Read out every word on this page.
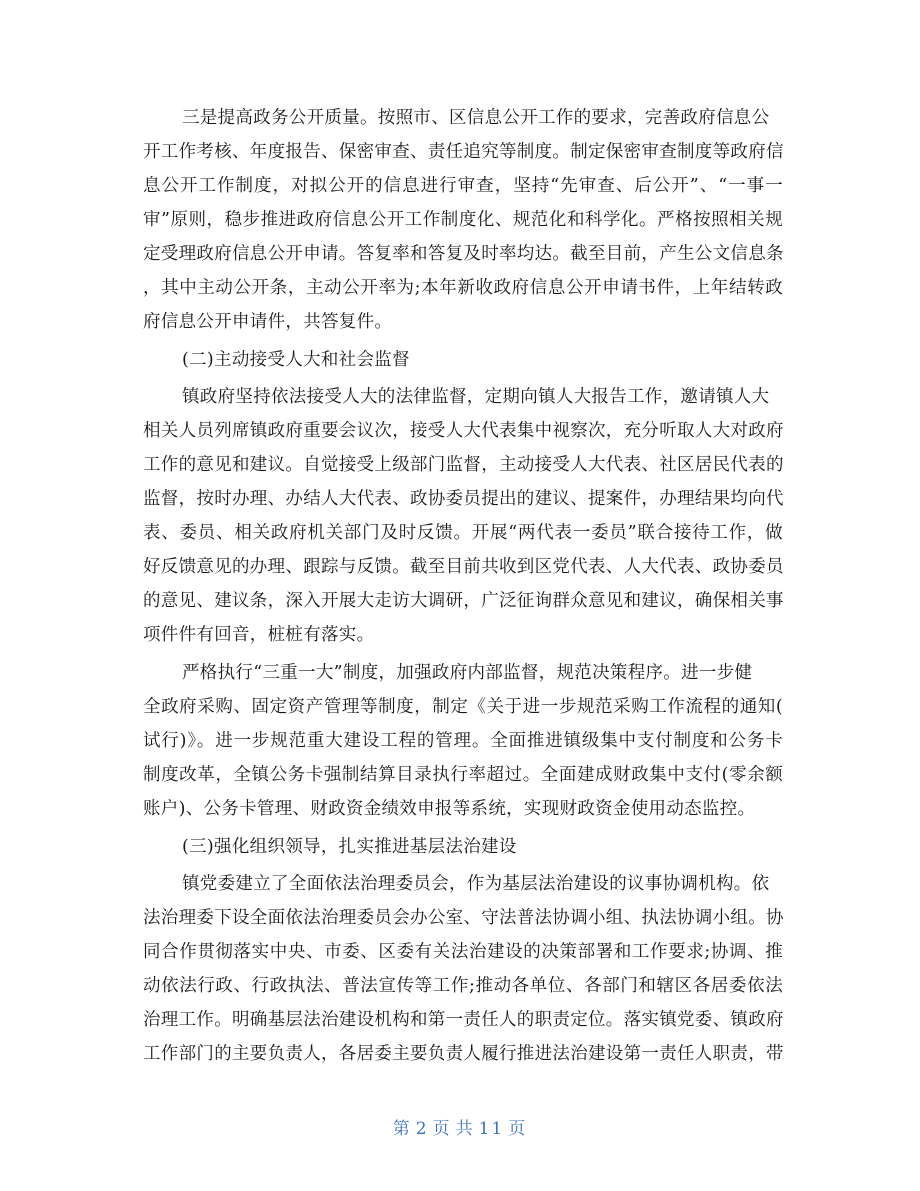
三是提高政务公开质量。按照市、区信息公开工作的要求，完善政府信息公
开工作考核、年度报告、保密审查、责任追究等制度。制定保密审查制度等政府信
息公开工作制度，对拟公开的信息进行审查，坚持“先审查、后公开”、“一事一
审”原则，稳步推进政府信息公开工作制度化、规范化和科学化。严格按照相关规
定受理政府信息公开申请。答复率和答复及时率均达。截至目前，产生公文信息条
，其中主动公开条，主动公开率为;本年新收政府信息公开申请书件，上年结转政
府信息公开申请件，共答复件。
(二)主动接受人大和社会监督
镇政府坚持依法接受人大的法律监督，定期向镇人大报告工作，邀请镇人大
相关人员列席镇政府重要会议次，接受人大代表集中视察次，充分听取人大对政府
工作的意见和建议。自觉接受上级部门监督，主动接受人大代表、社区居民代表的
监督，按时办理、办结人大代表、政协委员提出的建议、提案件，办理结果均向代
表、委员、相关政府机关部门及时反馈。开展“两代表一委员”联合接待工作，做
好反馈意见的办理、跟踪与反馈。截至目前共收到区党代表、人大代表、政协委员
的意见、建议条，深入开展大走访大调研，广泛征询群众意见和建议，确保相关事
项件件有回音，桩桩有落实。
严格执行“三重一大”制度，加强政府内部监督，规范决策程序。进一步健
全政府采购、固定资产管理等制度，制定《关于进一步规范采购工作流程的通知(
试行)》。进一步规范重大建设工程的管理。全面推进镇级集中支付制度和公务卡
制度改革，全镇公务卡强制结算目录执行率超过。全面建成财政集中支付(零余额
账户)、公务卡管理、财政资金绩效申报等系统，实现财政资金使用动态监控。
(三)强化组织领导，扎实推进基层法治建设
镇党委建立了全面依法治理委员会，作为基层法治建设的议事协调机构。依
法治理委下设全面依法治理委员会办公室、守法普法协调小组、执法协调小组。协
同合作贯彻落实中央、市委、区委有关法治建设的决策部署和工作要求;协调、推
动依法行政、行政执法、普法宣传等工作;推动各单位、各部门和辖区各居委依法
治理工作。明确基层法治建设机构和第一责任人的职责定位。落实镇党委、镇政府
工作部门的主要负责人，各居委主要负责人履行推进法治建设第一责任人职责，带
第 2 页 共 11 页
